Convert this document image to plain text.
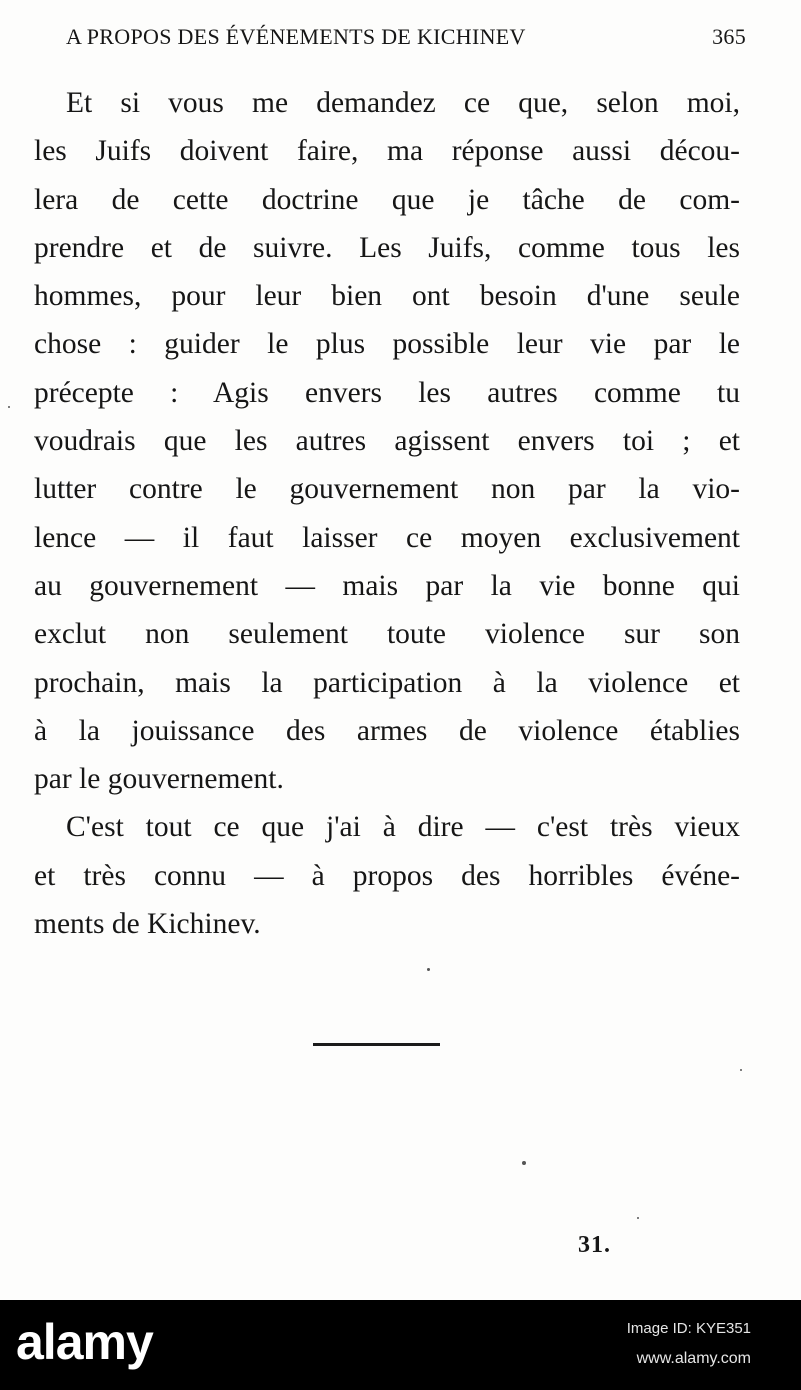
A PROPOS DES ÉVÉNEMENTS DE KICHINEV	365
Et si vous me demandez ce que, selon moi,
les Juifs doivent faire, ma réponse aussi décou-
lera de cette doctrine que je tâche de com-
prendre et de suivre. Les Juifs, comme tous les
hommes, pour leur bien ont besoin d'une seule
chose : guider le plus possible leur vie par le
précepte : Agis envers les autres comme tu
voudrais que les autres agissent envers toi ; et
lutter contre le gouvernement non par la vio-
lence — il faut laisser ce moyen exclusivement
au gouvernement — mais par la vie bonne qui
exclut non seulement toute violence sur son
prochain, mais la participation à la violence et
à la jouissance des armes de violence établies
par le gouvernement.
C'est tout ce que j'ai à dire — c'est très vieux
et très connu — à propos des horribles événe-
ments de Kichinev.
31.
alamy	Image ID: KYE351
www.alamy.com
